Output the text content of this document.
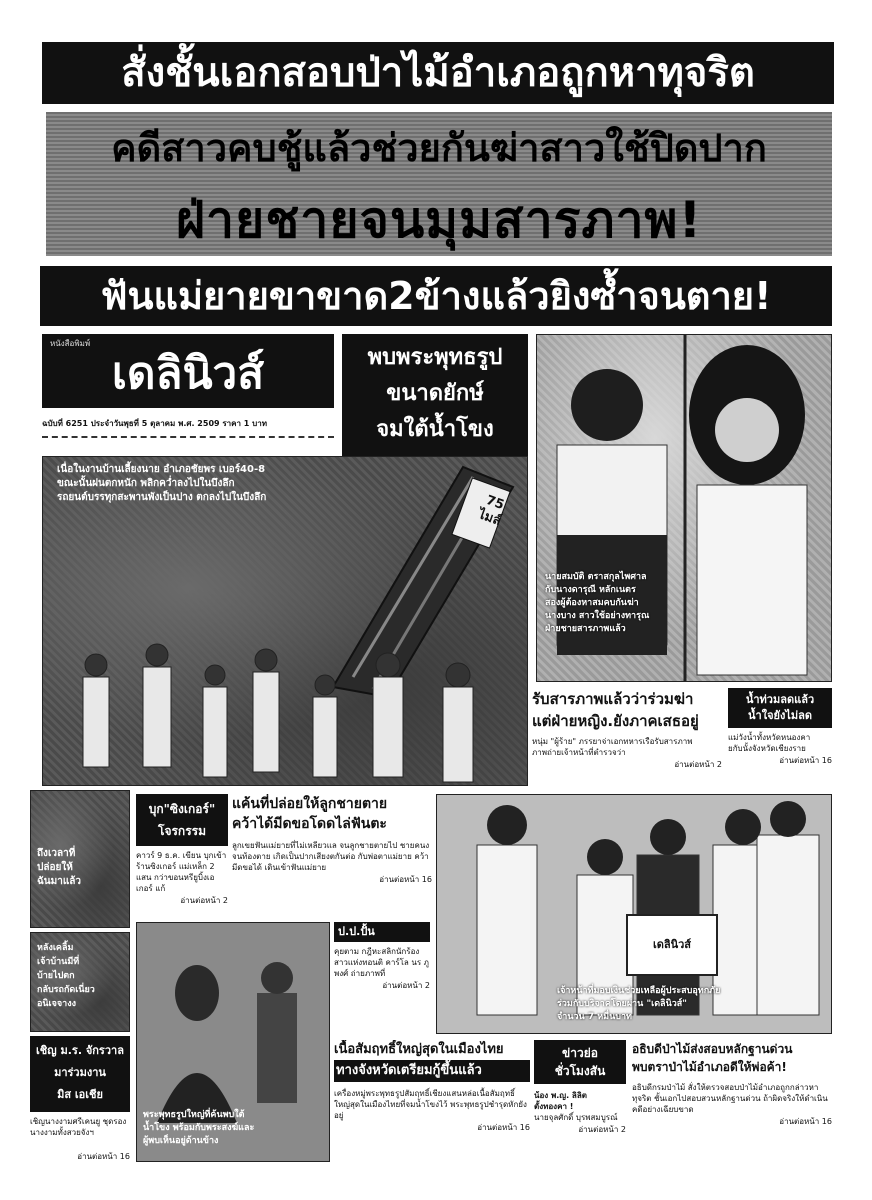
สั่งชั้นเอกสอบป่าไม้อำเภอถูกหาทุจริต
คดีสาวคบชู้แล้วช่วยกันฆ่าสาวใช้ปิดปาก
ฝ่ายชายจนมุมสารภาพ!
ฟันแม่ยายขาขาด2ข้างแล้วยิงซ้ำจนตาย!
หนังสือพิมพ์
เดลินิวส์
ฉบับที่ 6251 ประจำวันพุธที่ 5 ตุลาคม พ.ศ. 2509 ราคา 1 บาท
พบพระพุทธรูป
ขนาดยักษ์
จมใต้น้ำโขง
เนื่อในงานบ้านเลี้ยงนาย อำเภอชัยพร เบอร์40-8
ขณะนั้นฝนตกหนัก พลิกคว่ำลงไปในบึงลึก
รถยนต์บรรทุกสะพานพังเป็นปาง ตกลงไปในบึงลึก	75 ไมล์
นายสมบัติ ตราสกุลไพศาล
กับนางดารุณี หลักเนตร
สองผู้ต้องหาสมคบกันฆ่า
นางบาง สาวใช้อย่างทารุณ
ฝ่ายชายสารภาพแล้ว
รับสารภาพแล้วว่าร่วมฆ่า
แต่ฝ่ายหญิง.ยังภาคเสธอยู่
หนุ่ม "ผู้ร้าย" ภรรยาจ่าเอกทหารเรือรับสารภาพ ภาพถ่ายเจ้าหน้าที่ตำรวจว่า
อ่านต่อหน้า 2
น้ำท่วมลดแล้ว
น้ำใจยังไม่ลด
แม่วังน้ำทั้งหวัดหนองคายกับนั้งจังหวัดเชียงราย
อ่านต่อหน้า 16
ถึงเวลาที่
ปล่อยให้
ฉันมาแล้ว
หลังเคลิ้ม
เจ้าบ้านมีที่
บ้ายไปตก
กลับรถกัดเนี่ยว
อนิเจจางง
เชิญ ม.ร. จักรวาล
มาร่วมงาน
มิส เอเชีย
เชิญนางงามศรีเคนยู ชุดรองนางงามทั้งสวยจังฯ
อ่านต่อหน้า 16
บุก"ซิงเกอร์"
โจรกรรม
คาวร์ 9 ธ.ค. เขียน บุกเข้าร้านซิงเกอร์ แม่เหล็ก 2 แสน กว่าขอนหรียูบิ้งเอเกอร์ แก้
อ่านต่อหน้า 2
แค้นที่ปล่อยให้ลูกชายตาย
คว้าได้มีดขอโดดไล่ฟันตะ
ลูกเขยฟันแม่ยายที่ไม่เหลียวแล จนลูกชายตายไป ชายคนงจนท้องตาย เกิดเป็นปากเสียงตกันต่อ กับพ่อตาแม่ยาย คว้ามีดขอได้ เดินเข้าฟันแม่ยาย
อ่านต่อหน้า 16
พระพุทธรูปใหญ่ที่ค้นพบใต้
น้ำโขง พร้อมกับพระสงฆ์และ
ผู้พบเห็นอยู่ด้านข้าง
ป.ป.ปั้น
คุยตาม กฎีหะสลิกนักร้องสาวแห่งทอนติ คาร์โล นร ภูพงศ์ ถ่ายภาพที่
อ่านต่อหน้า 2
เดลินิวส์
เจ้าหน้าที่มอบเงินช่วยเหลือผู้ประสบอุทกภัย
ร่วมกับบริจาคโดยผ่าน "เดลินิวส์"
จำนวน 7 หมื่นบาท
เนื้อสัมฤทธิ์ใหญ่สุดในเมืองไทย
ทางจังหวัดเตรียมกู้ขึ้นแล้ว
เครื่องหมู่พระพุทธรูปสัมฤทธิ์เชียงแสนหล่อเนื้อสัมฤทธิ์ใหญ่สุดในเมืองไทยที่จมน้ำโขงไว้ พระพุทธรูปชำรุดหักยังอยู่
อ่านต่อหน้า 16
ข่าวย่อ
ชั่วโมงสัน
น้อง พ.ญ. ลิลิต
ตั้งทองคา !
นายจุลศักดิ์ บุรพสมบูรณ์
อ่านต่อหน้า 2
อธิบดีป่าไม้ส่งสอบหลักฐานด่วน
พบตราป่าไม้อำเภอดีให้พ่อค้า!
อธิบดีกรมป่าไม้ สั่งให้ตรวจสอบป่าไม้อำเภอถูกกล่าวหาทุจริต ชั้นเอกไปสอบสวนหลักฐานด่วน ถ้าผิดจริงให้ดำเนินคดีอย่างเฉียบขาด
อ่านต่อหน้า 16
